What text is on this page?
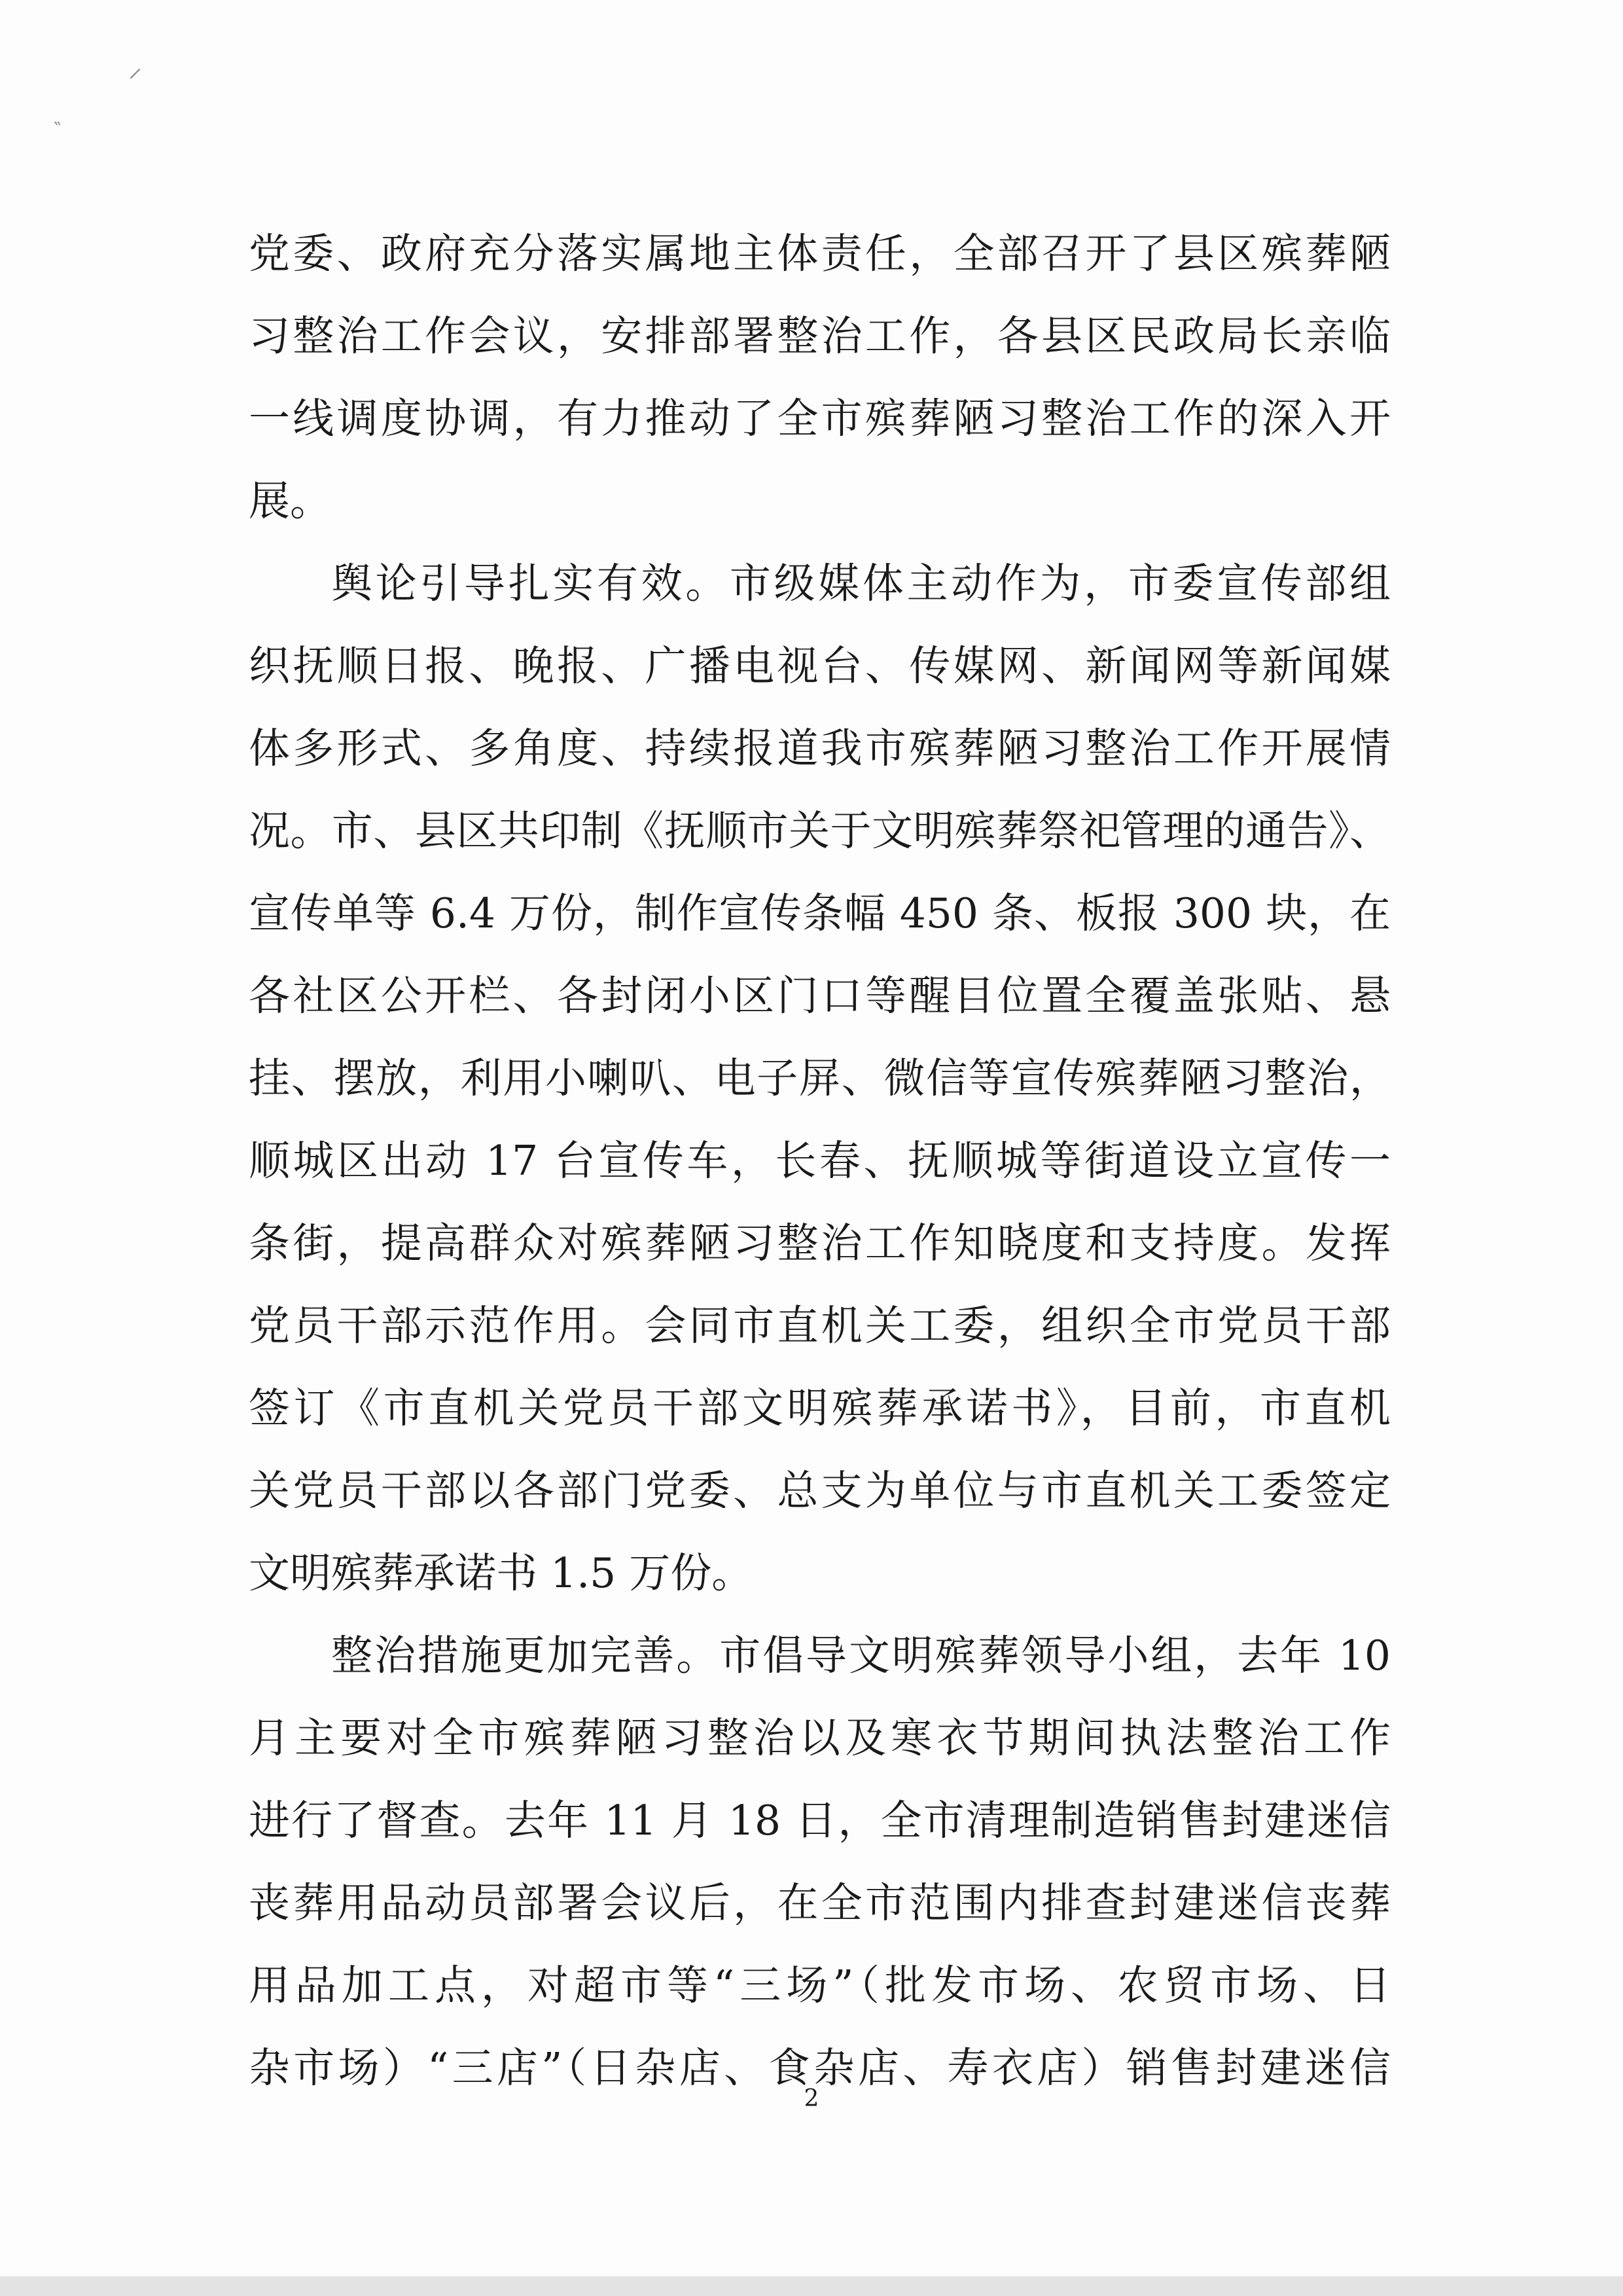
⸝
‶
党委、政府充分落实属地主体责任，全部召开了县区殡葬陋
习整治工作会议，安排部署整治工作，各县区民政局长亲临
一线调度协调，有力推动了全市殡葬陋习整治工作的深入开
展。
舆论引导扎实有效。市级媒体主动作为，市委宣传部组
织抚顺日报、晚报、广播电视台、传媒网、新闻网等新闻媒
体多形式、多角度、持续报道我市殡葬陋习整治工作开展情
况。市、县区共印制《抚顺市关于文明殡葬祭祀管理的通告》、
宣传单等 6.4 万份，制作宣传条幅 450 条、板报 300 块，在
各社区公开栏、各封闭小区门口等醒目位置全覆盖张贴、悬
挂、摆放，利用小喇叭、电子屏、微信等宣传殡葬陋习整治，
顺城区出动 17 台宣传车，长春、抚顺城等街道设立宣传一
条街，提高群众对殡葬陋习整治工作知晓度和支持度。发挥
党员干部示范作用。会同市直机关工委，组织全市党员干部
签订《市直机关党员干部文明殡葬承诺书》，目前，市直机
关党员干部以各部门党委、总支为单位与市直机关工委签定
文明殡葬承诺书 1.5 万份。
整治措施更加完善。市倡导文明殡葬领导小组，去年 10
月主要对全市殡葬陋习整治以及寒衣节期间执法整治工作
进行了督查。去年 11 月 18 日，全市清理制造销售封建迷信
丧葬用品动员部署会议后，在全市范围内排查封建迷信丧葬
用品加工点，对超市等“三场”（批发市场、农贸市场、日
杂市场）“三店”（日杂店、食杂店、寿衣店）销售封建迷信
2
